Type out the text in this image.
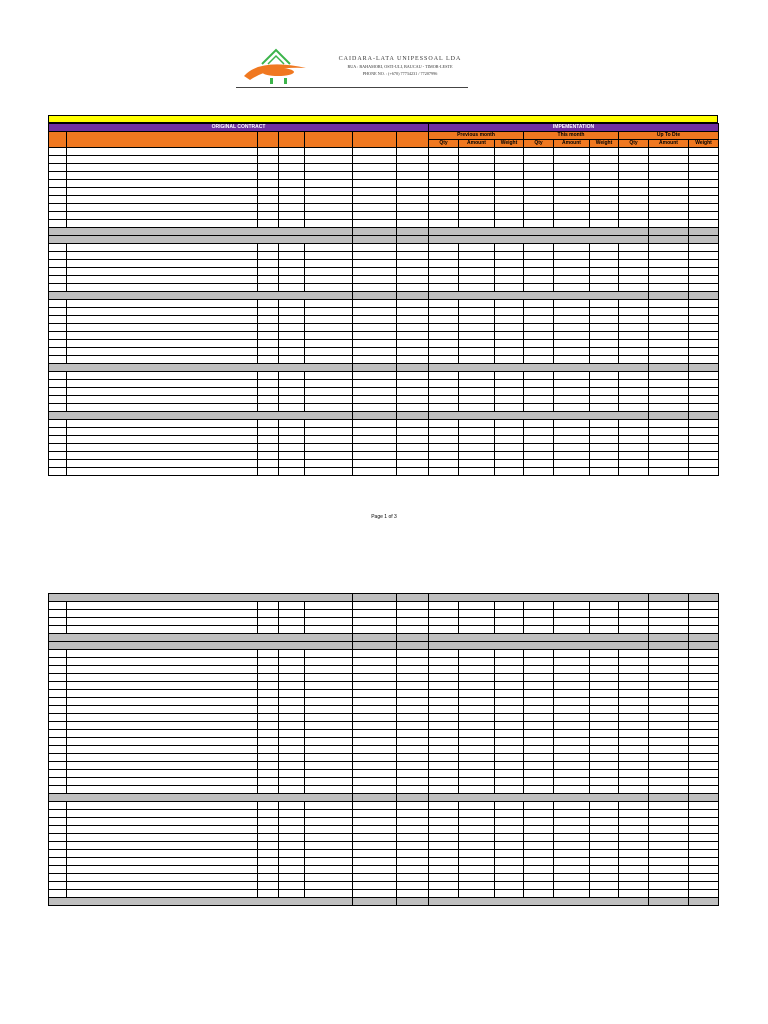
CAIDARA-LATA UNIPESSOAL LDA
RUA : BAHAMORI, OSTI-ULI, BAUCAU - TIMOR-LESTE
PHONE NO. : (+670) 77734231 / 77207996
ORIGINAL CONTRACT							IMPEMENTATION								
							Previous month			This month			Up To Dte		
							Qty	Amount	Weight	Qty	Amount	Weight	Qty	Amount	Weight

Page 1 of 3
